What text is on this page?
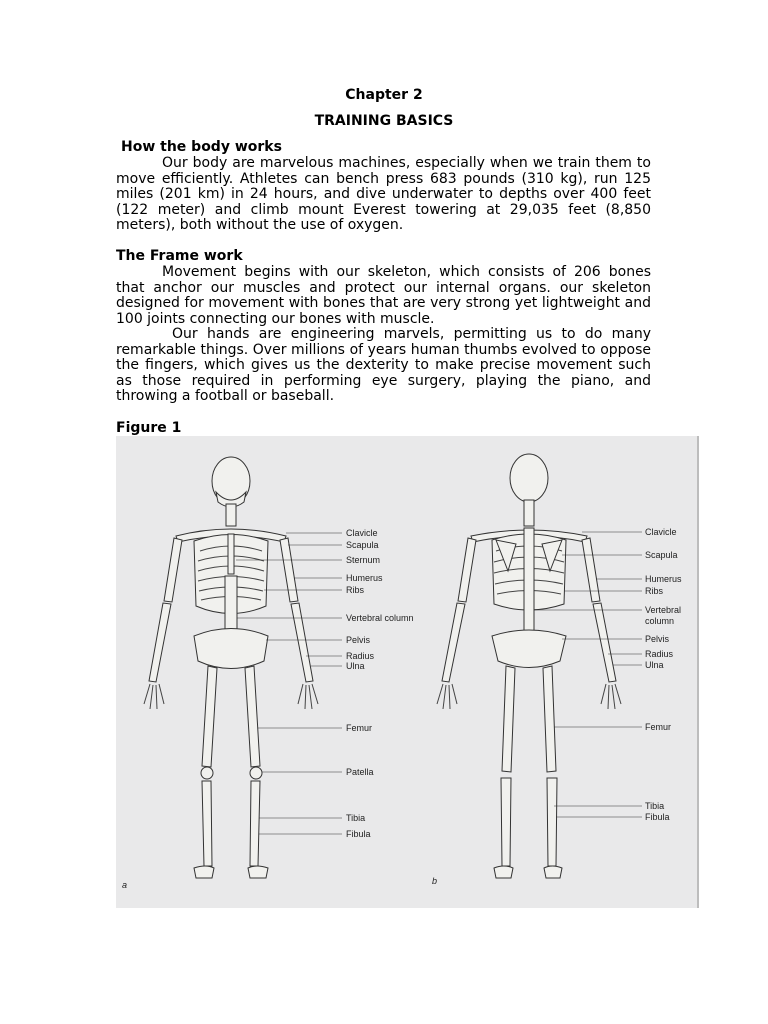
Chapter 2
TRAINING BASICS
How the body works

Our body are marvelous machines, especially when we train them to move efficiently. Athletes can bench press 683 pounds (310 kg), run 125 miles (201 km) in 24 hours, and dive underwater to depths over 400 feet (122 meter) and climb mount Everest towering at 29,035 feet (8,850 meters), both without the use of oxygen.

The Frame work

Movement begins with our skeleton, which consists of 206 bones that anchor our muscles and protect our internal organs. our skeleton designed for movement with bones that are very strong yet lightweight and 100 joints connecting our bones with muscle.

Our hands are engineering marvels, permitting us to do many remarkable things. Over millions of years human thumbs evolved to oppose the fingers, which gives us the dexterity to make precise movement such as those required in performing eye surgery, playing the piano, and throwing a football or baseball.

Figure 1
Clavicle
Scapula
Sternum
Humerus
Ribs
Vertebral column
Pelvis
Radius
Ulna
Femur
Patella
Tibia
Fibula
a
Clavicle
Scapula
Humerus
Ribs
Vertebral
column
Pelvis
Radius
Ulna
Femur
Tibia
Fibula
b
